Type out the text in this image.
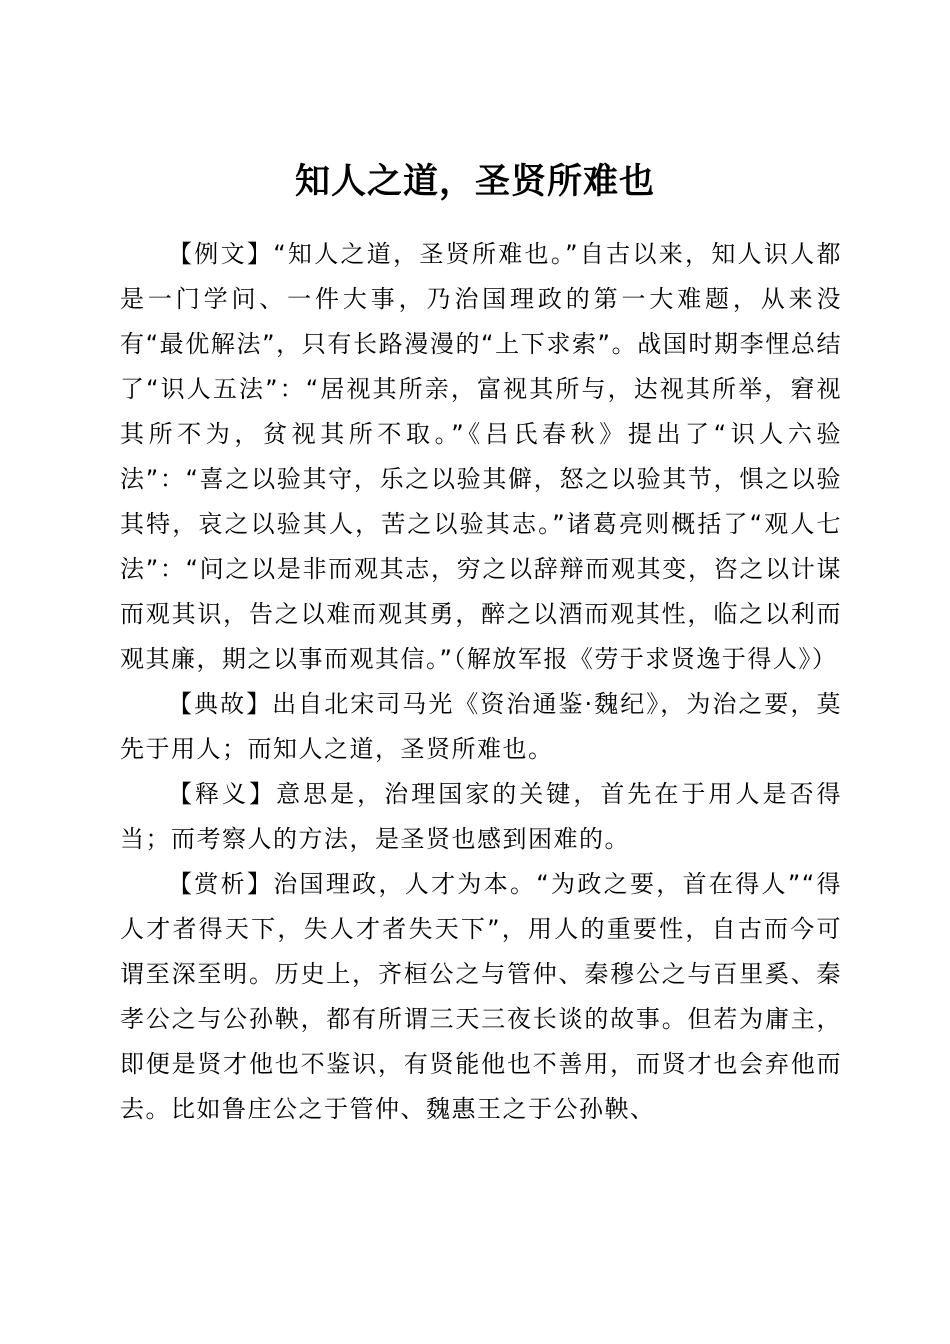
知人之道，圣贤所难也

【例文】“知人之道，圣贤所难也。”自古以来，知人识人都是一门学问、一件大事，乃治国理政的第一大难题，从来没有“最优解法”，只有长路漫漫的“上下求索”。战国时期李悝总结了“识人五法”：“居视其所亲，富视其所与，达视其所举，窘视其所不为，贫视其所不取。”《吕氏春秋》提出了“识人六验法”：“喜之以验其守，乐之以验其僻，怒之以验其节，惧之以验其特，哀之以验其人，苦之以验其志。”诸葛亮则概括了“观人七法”：“问之以是非而观其志，穷之以辞辩而观其变，咨之以计谋而观其识，告之以难而观其勇，醉之以酒而观其性，临之以利而观其廉，期之以事而观其信。”（解放军报《劳于求贤逸于得人》）

【典故】出自北宋司马光《资治通鉴·魏纪》，为治之要，莫先于用人；而知人之道，圣贤所难也。

【释义】意思是，治理国家的关键，首先在于用人是否得当；而考察人的方法，是圣贤也感到困难的。

【赏析】治国理政，人才为本。“为政之要，首在得人”“得人才者得天下，失人才者失天下”，用人的重要性，自古而今可谓至深至明。历史上，齐桓公之与管仲、秦穆公之与百里奚、秦孝公之与公孙鞅，都有所谓三天三夜长谈的故事。但若为庸主，即便是贤才他也不鉴识，有贤能他也不善用，而贤才也会弃他而去。比如鲁庄公之于管仲、魏惠王之于公孙鞅、
